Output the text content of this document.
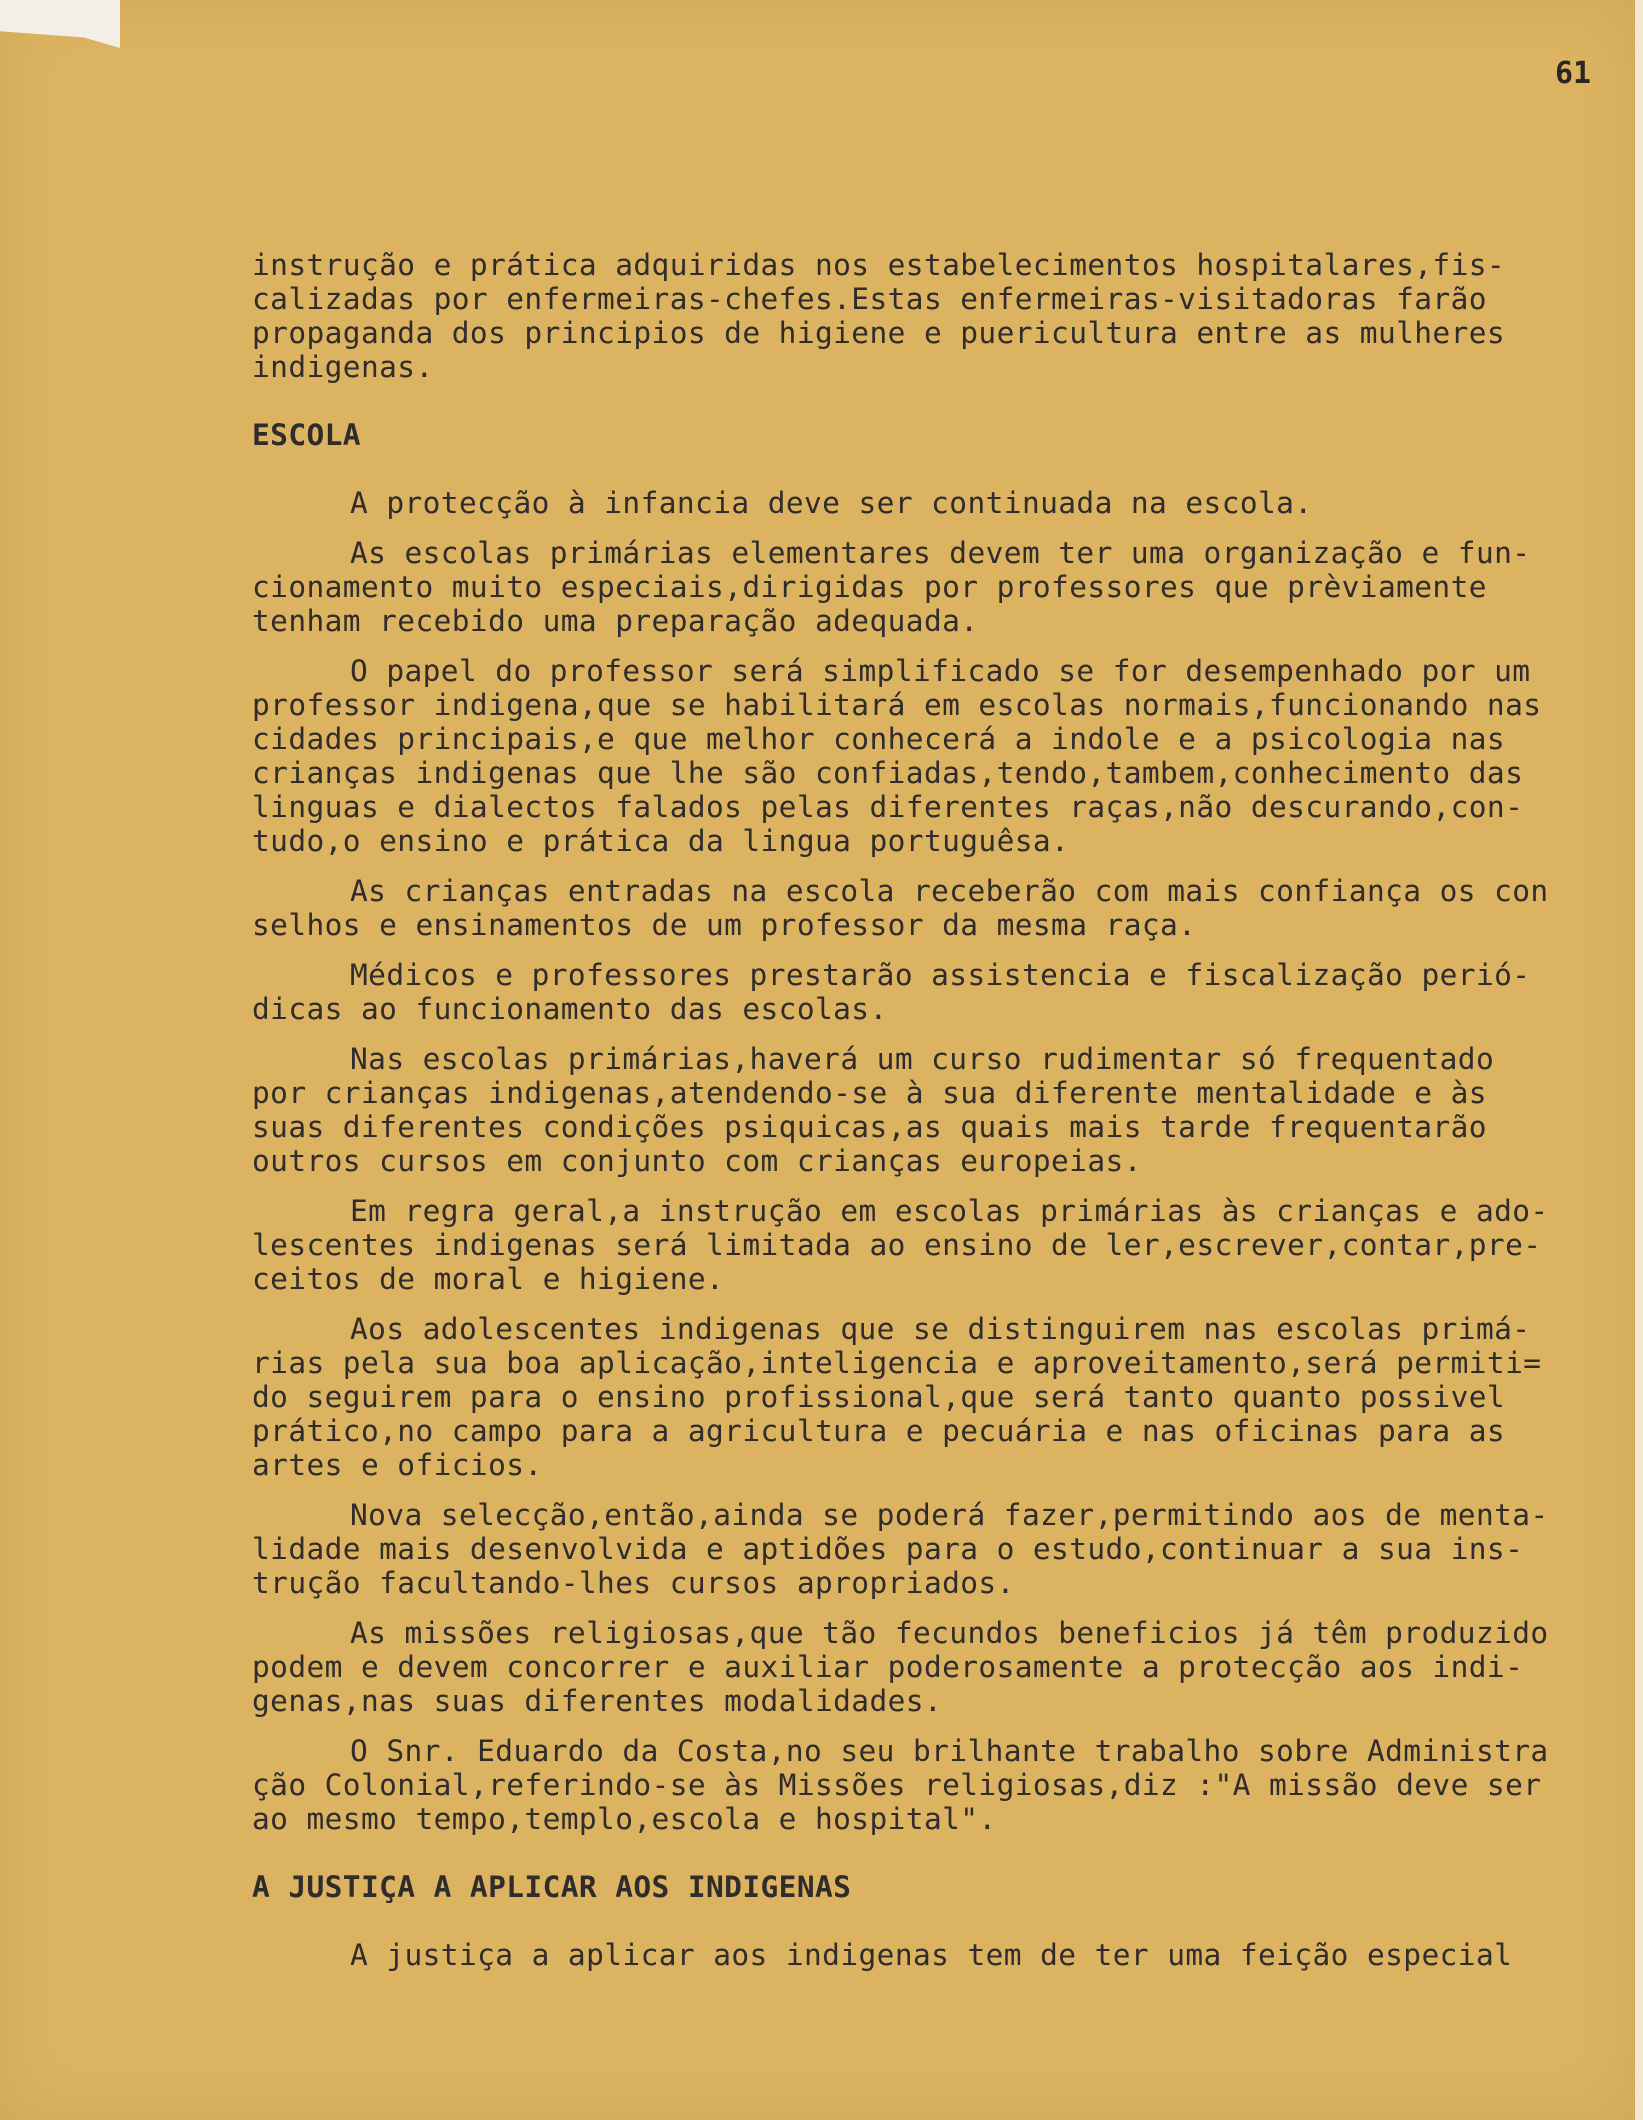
61

instrução e prática adquiridas nos estabelecimentos hospitalares,fis-
calizadas por enfermeiras-chefes.Estas enfermeiras-visitadoras farão
propaganda dos principios de higiene e puericultura entre as mulheres
indigenas.
ESCOLA
A protecção à infancia deve ser continuada na escola.
As escolas primárias elementares devem ter uma organização e fun-
cionamento muito especiais,dirigidas por professores que prèviamente
tenham recebido uma preparação adequada.
O papel do professor será simplificado se for desempenhado por um
professor indigena,que se habilitará em escolas normais,funcionando nas
cidades principais,e que melhor conhecerá a indole e a psicologia nas
crianças indigenas que lhe são confiadas,tendo,tambem,conhecimento das
linguas e dialectos falados pelas diferentes raças,não descurando,con-
tudo,o ensino e prática da lingua portuguêsa.
As crianças entradas na escola receberão com mais confiança os con
selhos e ensinamentos de um professor da mesma raça.
Médicos e professores prestarão assistencia e fiscalização perió-
dicas ao funcionamento das escolas.
Nas escolas primárias,haverá um curso rudimentar só frequentado
por crianças indigenas,atendendo-se à sua diferente mentalidade e às
suas diferentes condições psiquicas,as quais mais tarde frequentarão
outros cursos em conjunto com crianças europeias.
Em regra geral,a instrução em escolas primárias às crianças e ado-
lescentes indigenas será limitada ao ensino de ler,escrever,contar,pre-
ceitos de moral e higiene.
Aos adolescentes indigenas que se distinguirem nas escolas primá-
rias pela sua boa aplicação,inteligencia e aproveitamento,será permiti=
do seguirem para o ensino profissional,que será tanto quanto possivel
prático,no campo para a agricultura e pecuária e nas oficinas para as
artes e oficios.
Nova selecção,então,ainda se poderá fazer,permitindo aos de menta-
lidade mais desenvolvida e aptidões para o estudo,continuar a sua ins-
trução facultando-lhes cursos apropriados.
As missões religiosas,que tão fecundos beneficios já têm produzido
podem e devem concorrer e auxiliar poderosamente a protecção aos indi-
genas,nas suas diferentes modalidades.
O Snr. Eduardo da Costa,no seu brilhante trabalho sobre Administra
ção Colonial,referindo-se às Missões religiosas,diz :"A missão deve ser
ao mesmo tempo,templo,escola e hospital".
A JUSTIÇA A APLICAR AOS INDIGENAS
A justiça a aplicar aos indigenas tem de ter uma feição especial
